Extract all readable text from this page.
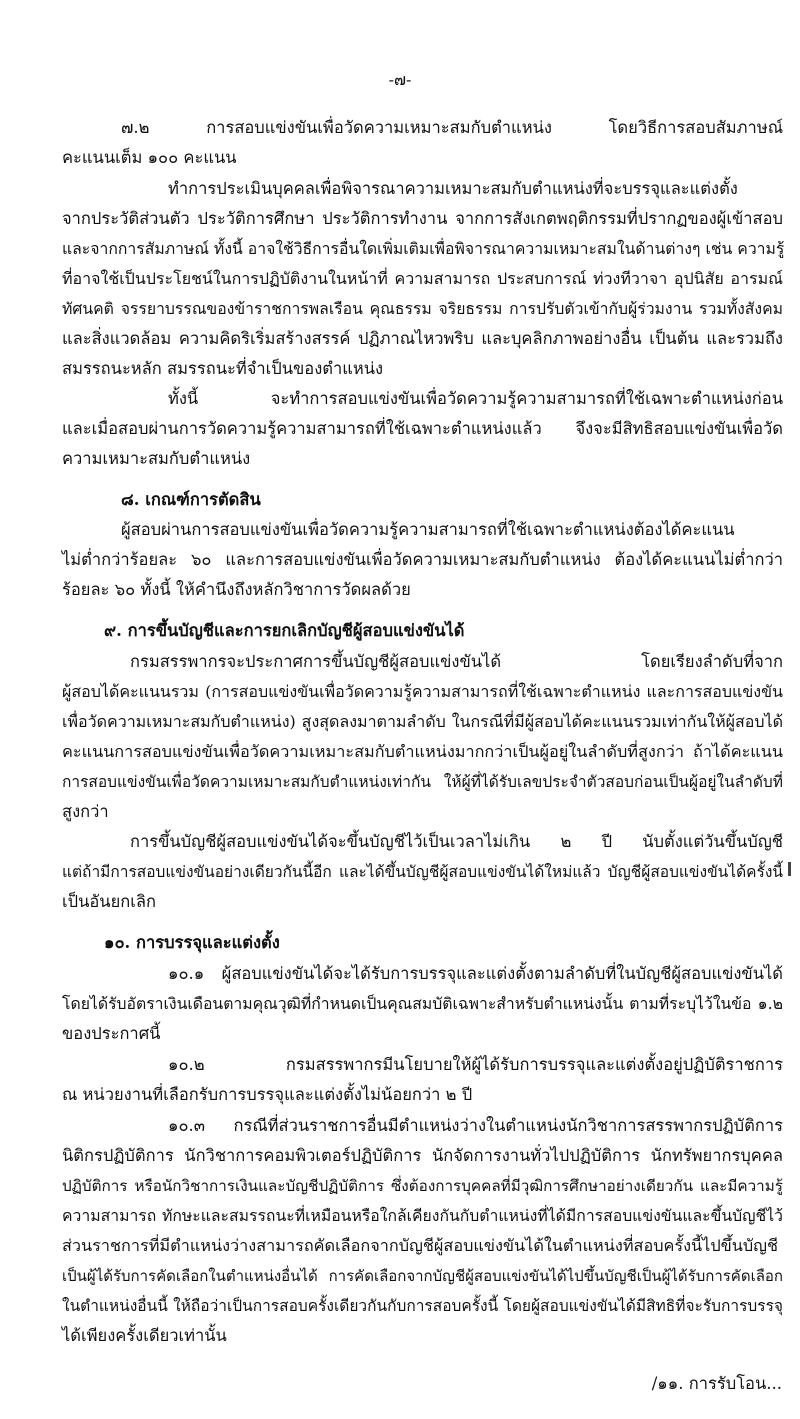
-๗-
๗.๒ การสอบแข่งขันเพื่อวัดความเหมาะสมกับตำแหน่ง โดยวิธีการสอบสัมภาษณ์
คะแนนเต็ม ๑๐๐ คะแนน
ทำการประเมินบุคคลเพื่อพิจารณาความเหมาะสมกับตำแหน่งที่จะบรรจุและแต่งตั้ง
จากประวัติส่วนตัว ประวัติการศึกษา ประวัติการทำงาน จากการสังเกตพฤติกรรมที่ปรากฏของผู้เข้าสอบ
และจากการสัมภาษณ์ ทั้งนี้ อาจใช้วิธีการอื่นใดเพิ่มเติมเพื่อพิจารณาความเหมาะสมในด้านต่างๆ เช่น ความรู้
ที่อาจใช้เป็นประโยชน์ในการปฏิบัติงานในหน้าที่ ความสามารถ ประสบการณ์ ท่วงทีวาจา อุปนิสัย อารมณ์
ทัศนคติ จรรยาบรรณของข้าราชการพลเรือน คุณธรรม จริยธรรม การปรับตัวเข้ากับผู้ร่วมงาน รวมทั้งสังคม
และสิ่งแวดล้อม ความคิดริเริ่มสร้างสรรค์ ปฏิภาณไหวพริบ และบุคลิกภาพอย่างอื่น เป็นต้น และรวมถึง
สมรรถนะหลัก สมรรถนะที่จำเป็นของตำแหน่ง
ทั้งนี้ จะทำการสอบแข่งขันเพื่อวัดความรู้ความสามารถที่ใช้เฉพาะตำแหน่งก่อน
และเมื่อสอบผ่านการวัดความรู้ความสามารถที่ใช้เฉพาะตำแหน่งแล้ว จึงจะมีสิทธิสอบแข่งขันเพื่อวัด
ความเหมาะสมกับตำแหน่ง
๘. เกณฑ์การตัดสิน
ผู้สอบผ่านการสอบแข่งขันเพื่อวัดความรู้ความสามารถที่ใช้เฉพาะตำแหน่งต้องได้คะแนน
ไม่ต่ำกว่าร้อยละ ๖๐ และการสอบแข่งขันเพื่อวัดความเหมาะสมกับตำแหน่ง ต้องได้คะแนนไม่ต่ำกว่า
ร้อยละ ๖๐ ทั้งนี้ ให้คำนึงถึงหลักวิชาการวัดผลด้วย
๙. การขึ้นบัญชีและการยกเลิกบัญชีผู้สอบแข่งขันได้
กรมสรรพากรจะประกาศการขึ้นบัญชีผู้สอบแข่งขันได้ โดยเรียงลำดับที่จาก
ผู้สอบได้คะแนนรวม (การสอบแข่งขันเพื่อวัดความรู้ความสามารถที่ใช้เฉพาะตำแหน่ง และการสอบแข่งขัน
เพื่อวัดความเหมาะสมกับตำแหน่ง) สูงสุดลงมาตามลำดับ ในกรณีที่มีผู้สอบได้คะแนนรวมเท่ากันให้ผู้สอบได้
คะแนนการสอบแข่งขันเพื่อวัดความเหมาะสมกับตำแหน่งมากกว่าเป็นผู้อยู่ในลำดับที่สูงกว่า ถ้าได้คะแนน
การสอบแข่งขันเพื่อวัดความเหมาะสมกับตำแหน่งเท่ากัน ให้ผู้ที่ได้รับเลขประจำตัวสอบก่อนเป็นผู้อยู่ในลำดับที่
สูงกว่า
การขึ้นบัญชีผู้สอบแข่งขันได้จะขึ้นบัญชีไว้เป็นเวลาไม่เกิน ๒ ปี นับตั้งแต่วันขึ้นบัญชี
แต่ถ้ามีการสอบแข่งขันอย่างเดียวกันนี้อีก และได้ขึ้นบัญชีผู้สอบแข่งขันได้ใหม่แล้ว บัญชีผู้สอบแข่งขันได้ครั้งนี้
เป็นอันยกเลิก
๑๐. การบรรจุและแต่งตั้ง
๑๐.๑ ผู้สอบแข่งขันได้จะได้รับการบรรจุและแต่งตั้งตามลำดับที่ในบัญชีผู้สอบแข่งขันได้
โดยได้รับอัตราเงินเดือนตามคุณวุฒิที่กำหนดเป็นคุณสมบัติเฉพาะสำหรับตำแหน่งนั้น ตามที่ระบุไว้ในข้อ ๑.๒
ของประกาศนี้
๑๐.๒ กรมสรรพากรมีนโยบายให้ผู้ได้รับการบรรจุและแต่งตั้งอยู่ปฏิบัติราชการ
ณ หน่วยงานที่เลือกรับการบรรจุและแต่งตั้งไม่น้อยกว่า ๒ ปี
๑๐.๓ กรณีที่ส่วนราชการอื่นมีตำแหน่งว่างในตำแหน่งนักวิชาการสรรพากรปฏิบัติการ
นิติกรปฏิบัติการ นักวิชาการคอมพิวเตอร์ปฏิบัติการ นักจัดการงานทั่วไปปฏิบัติการ นักทรัพยากรบุคคล
ปฏิบัติการ หรือนักวิชาการเงินและบัญชีปฏิบัติการ ซึ่งต้องการบุคคลที่มีวุฒิการศึกษาอย่างเดียวกัน และมีความรู้
ความสามารถ ทักษะและสมรรถนะที่เหมือนหรือใกล้เคียงกันกับตำแหน่งที่ได้มีการสอบแข่งขันและขึ้นบัญชีไว้
ส่วนราชการที่มีตำแหน่งว่างสามารถคัดเลือกจากบัญชีผู้สอบแข่งขันได้ในตำแหน่งที่สอบครั้งนี้ไปขึ้นบัญชี
เป็นผู้ได้รับการคัดเลือกในตำแหน่งอื่นได้ การคัดเลือกจากบัญชีผู้สอบแข่งขันได้ไปขึ้นบัญชีเป็นผู้ได้รับการคัดเลือก
ในตำแหน่งอื่นนี้ ให้ถือว่าเป็นการสอบครั้งเดียวกันกับการสอบครั้งนี้ โดยผู้สอบแข่งขันได้มีสิทธิที่จะรับการบรรจุ
ได้เพียงครั้งเดียวเท่านั้น
/๑๑. การรับโอน...
